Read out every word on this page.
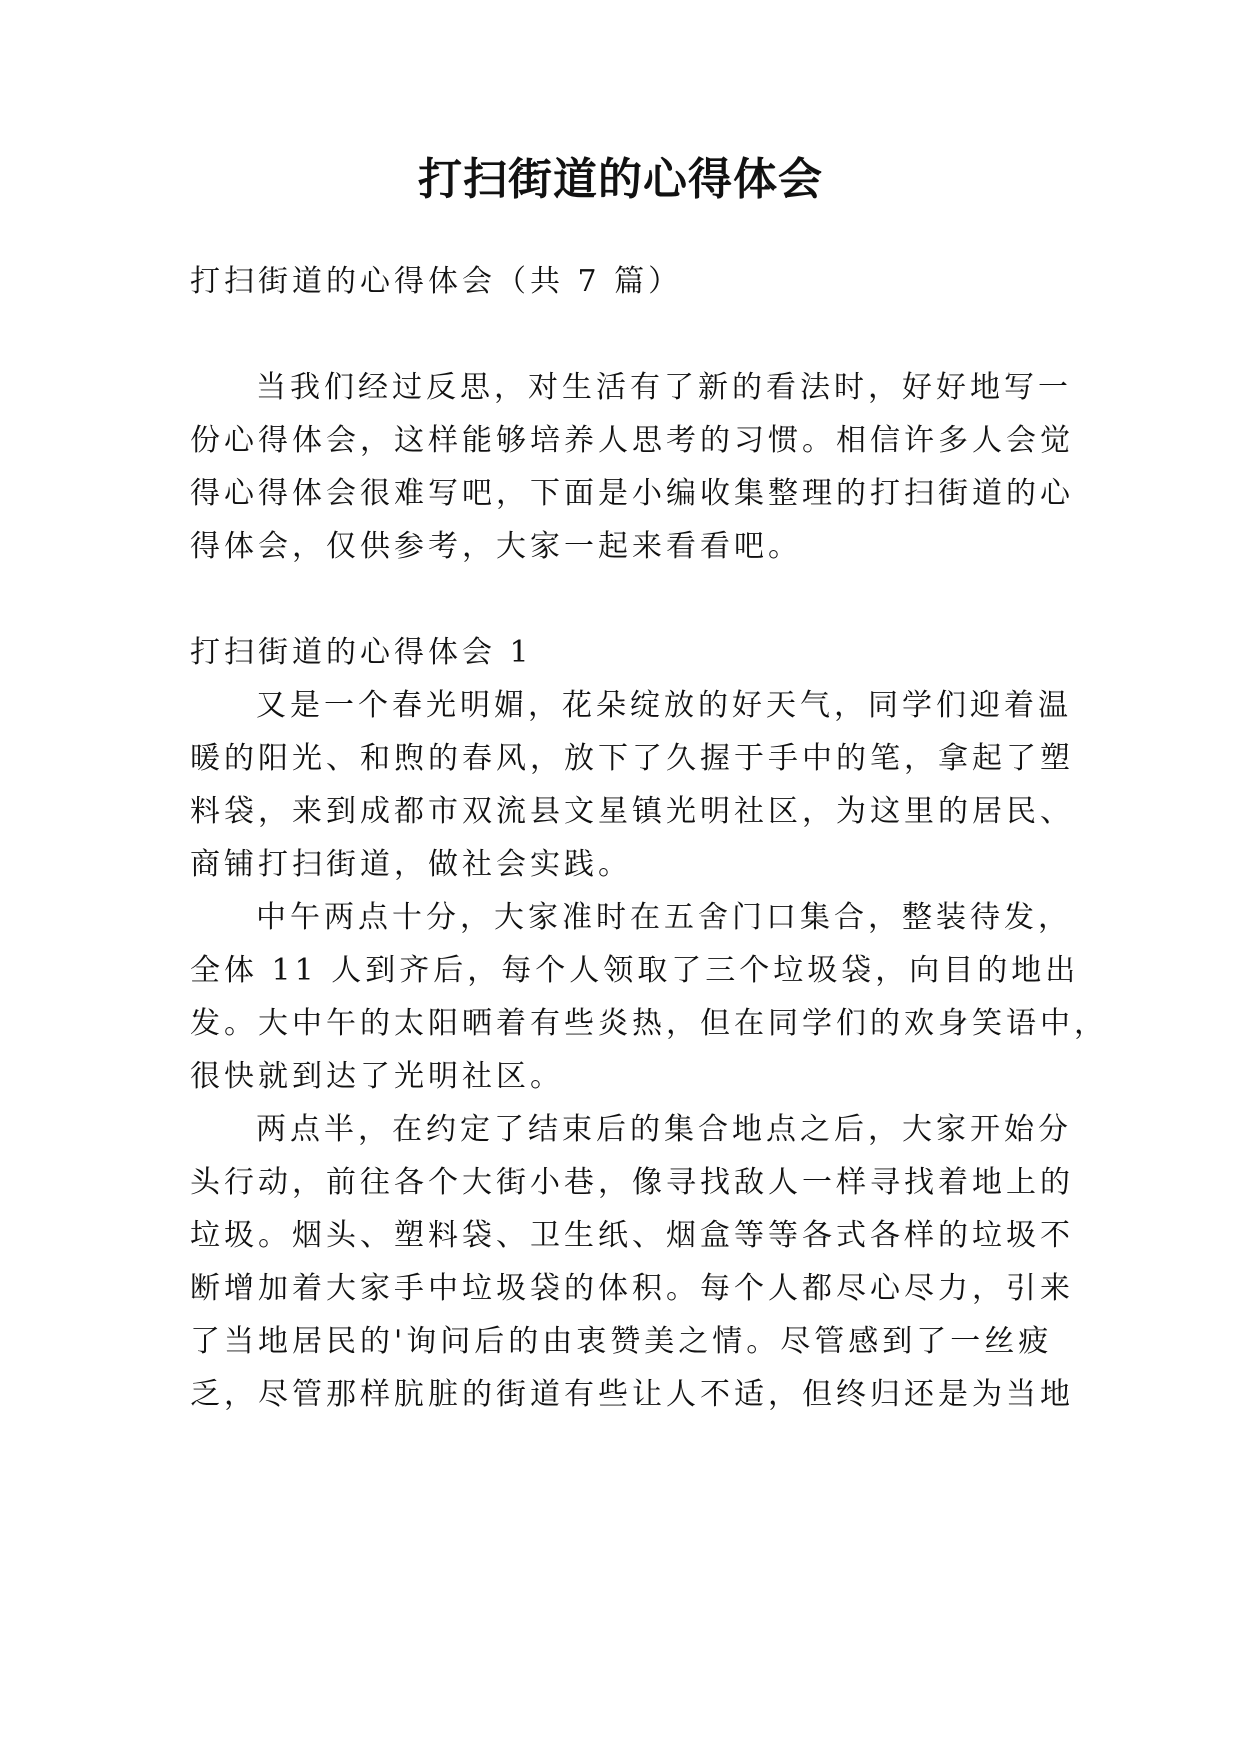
打扫街道的心得体会
打扫街道的心得体会（共 7 篇）
当我们经过反思，对生活有了新的看法时，好好地写一
份心得体会，这样能够培养人思考的习惯。相信许多人会觉
得心得体会很难写吧，下面是小编收集整理的打扫街道的心
得体会，仅供参考，大家一起来看看吧。
打扫街道的心得体会 1
又是一个春光明媚，花朵绽放的好天气，同学们迎着温
暖的阳光、和煦的春风，放下了久握于手中的笔，拿起了塑
料袋，来到成都市双流县文星镇光明社区，为这里的居民、
商铺打扫街道，做社会实践。
中午两点十分，大家准时在五舍门口集合，整装待发，
全体 11 人到齐后，每个人领取了三个垃圾袋，向目的地出
发。大中午的太阳晒着有些炎热，但在同学们的欢身笑语中，
很快就到达了光明社区。
两点半，在约定了结束后的集合地点之后，大家开始分
头行动，前往各个大街小巷，像寻找敌人一样寻找着地上的
垃圾。烟头、塑料袋、卫生纸、烟盒等等各式各样的垃圾不
断增加着大家手中垃圾袋的体积。每个人都尽心尽力，引来
了当地居民的'询问后的由衷赞美之情。尽管感到了一丝疲
乏，尽管那样肮脏的街道有些让人不适，但终归还是为当地
